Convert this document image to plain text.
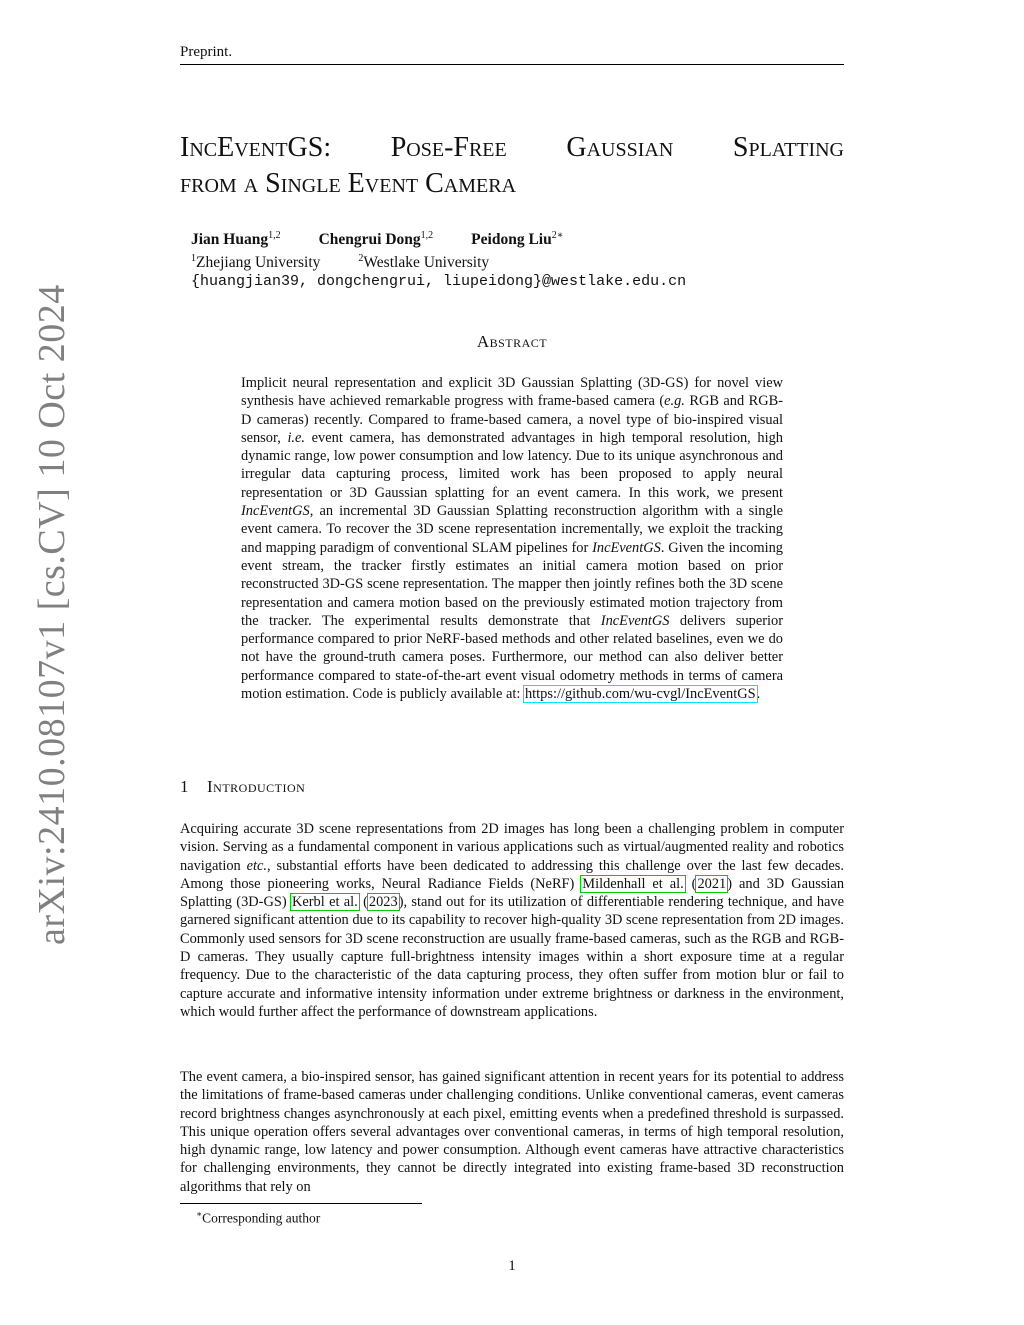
Preprint.
arXiv:2410.08107v1 [cs.CV] 10 Oct 2024
IncEventGS: Pose-Free Gaussian Splatting
from a Single Event Camera
Jian Huang$^{1,2}$ Chengrui Dong$^{1,2}$ Peidong Liu$^{2∗}$
$^1$Zhejiang University	$^2$Westlake University
{huangjian39, dongchengrui, liupeidong}@westlake.edu.cn
Abstract

Implicit neural representation and explicit 3D Gaussian Splatting (3D-GS) for novel view synthesis have achieved remarkable progress with frame-based camera (e.g. RGB and RGB-D cameras) recently. Compared to frame-based camera, a novel type of bio-inspired visual sensor, i.e. event camera, has demonstrated advantages in high temporal resolution, high dynamic range, low power consumption and low latency. Due to its unique asynchronous and irregular data capturing process, limited work has been proposed to apply neural representation or 3D Gaussian splatting for an event camera. In this work, we present IncEventGS, an incremental 3D Gaussian Splatting reconstruction algorithm with a single event camera. To recover the 3D scene representation incrementally, we exploit the tracking and mapping paradigm of conventional SLAM pipelines for IncEventGS. Given the incoming event stream, the tracker firstly estimates an initial camera motion based on prior reconstructed 3D-GS scene representation. The mapper then jointly refines both the 3D scene representation and camera motion based on the previously estimated motion trajectory from the tracker. The experimental results demonstrate that IncEventGS delivers superior performance compared to prior NeRF-based methods and other related baselines, even we do not have the ground-truth camera poses. Furthermore, our method can also deliver better performance compared to state-of-the-art event visual odometry methods in terms of camera motion estimation. Code is publicly available at: https://github.com/wu-cvgl/IncEventGS.

1 Introduction

Acquiring accurate 3D scene representations from 2D images has long been a challenging problem in computer vision. Serving as a fundamental component in various applications such as virtual/augmented reality and robotics navigation etc., substantial efforts have been dedicated to addressing this challenge over the last few decades. Among those pioneering works, Neural Radiance Fields (NeRF) Mildenhall et al. (2021) and 3D Gaussian Splatting (3D-GS) Kerbl et al. (2023), stand out for its utilization of differentiable rendering technique, and have garnered significant attention due to its capability to recover high-quality 3D scene representation from 2D images. Commonly used sensors for 3D scene reconstruction are usually frame-based cameras, such as the RGB and RGB-D cameras. They usually capture full-brightness intensity images within a short exposure time at a regular frequency. Due to the characteristic of the data capturing process, they often suffer from motion blur or fail to capture accurate and informative intensity information under extreme brightness or darkness in the environment, which would further affect the performance of downstream applications.

The event camera, a bio-inspired sensor, has gained significant attention in recent years for its potential to address the limitations of frame-based cameras under challenging conditions. Unlike conventional cameras, event cameras record brightness changes asynchronously at each pixel, emitting events when a predefined threshold is surpassed. This unique operation offers several advantages over conventional cameras, in terms of high temporal resolution, high dynamic range, low latency and power consumption. Although event cameras have attractive characteristics for challenging environments, they cannot be directly integrated into existing frame-based 3D reconstruction algorithms that rely on

∗Corresponding author
1
